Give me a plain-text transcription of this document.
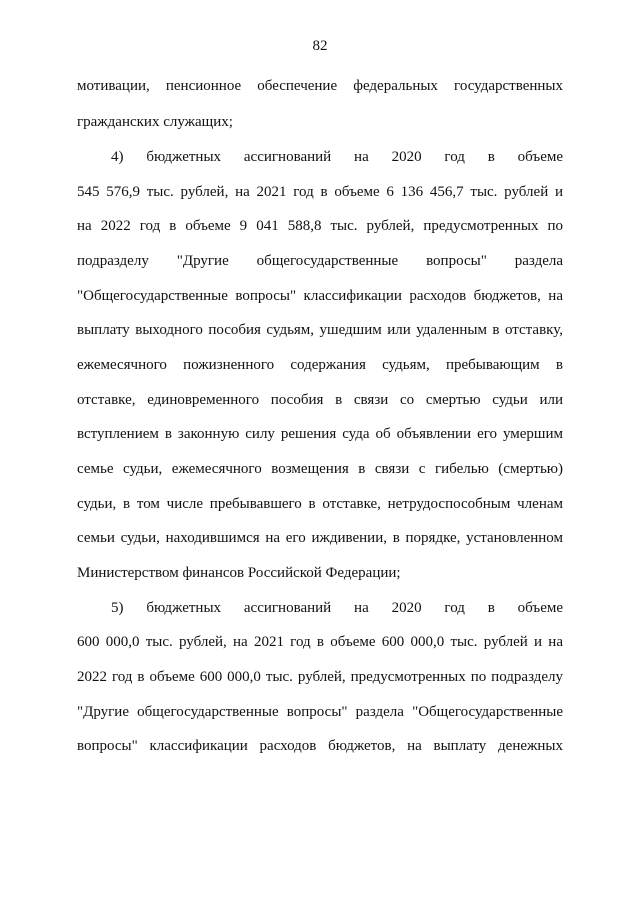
82
мотивации, пенсионное обеспечение федеральных государственных
гражданских служащих;
4) бюджетных ассигнований на 2020 год в объеме
545 576,9 тыс. рублей, на 2021 год в объеме 6 136 456,7 тыс. рублей и
на 2022 год в объеме 9 041 588,8 тыс. рублей, предусмотренных по
подразделу "Другие общегосударственные вопросы" раздела
"Общегосударственные вопросы" классификации расходов бюджетов, на
выплату выходного пособия судьям, ушедшим или удаленным в отставку,
ежемесячного пожизненного содержания судьям, пребывающим в
отставке, единовременного пособия в связи со смертью судьи или
вступлением в законную силу решения суда об объявлении его умершим
семье судьи, ежемесячного возмещения в связи с гибелью (смертью)
судьи, в том числе пребывавшего в отставке, нетрудоспособным членам
семьи судьи, находившимся на его иждивении, в порядке, установленном
Министерством финансов Российской Федерации;
5) бюджетных ассигнований на 2020 год в объеме
600 000,0 тыс. рублей, на 2021 год в объеме 600 000,0 тыс. рублей и на
2022 год в объеме 600 000,0 тыс. рублей, предусмотренных по подразделу
"Другие общегосударственные вопросы" раздела "Общегосударственные
вопросы" классификации расходов бюджетов, на выплату денежных
